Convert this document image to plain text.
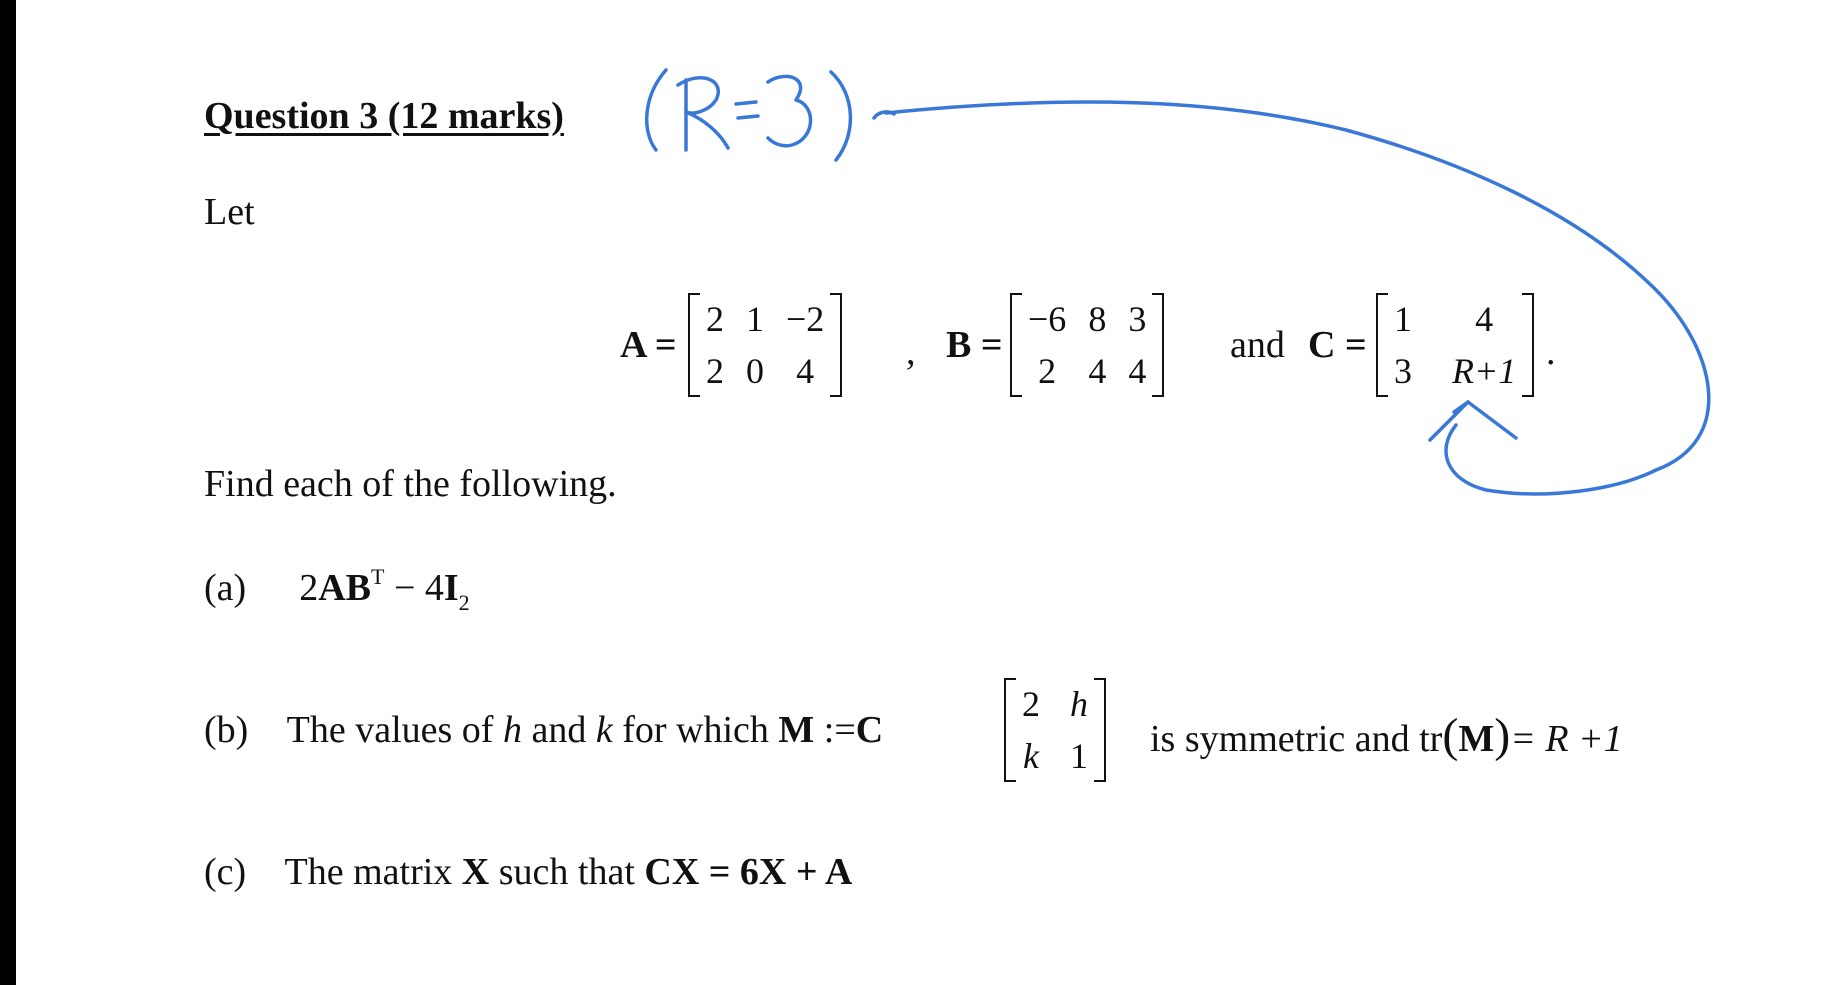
Question 3 (12 marks)
Let
A =
2 1 −2
2 0 4 , B =
−6 8 3
2 4 4
and C =
1	4
3 R+1 .
Find each of the following.
(a) $2AB^T - 4I_2$
(b) The values of h and k for which M :=C
2 h
k 1 is symmetric and tr(M)= R +1
(c) The matrix X such that CX = 6X + A
